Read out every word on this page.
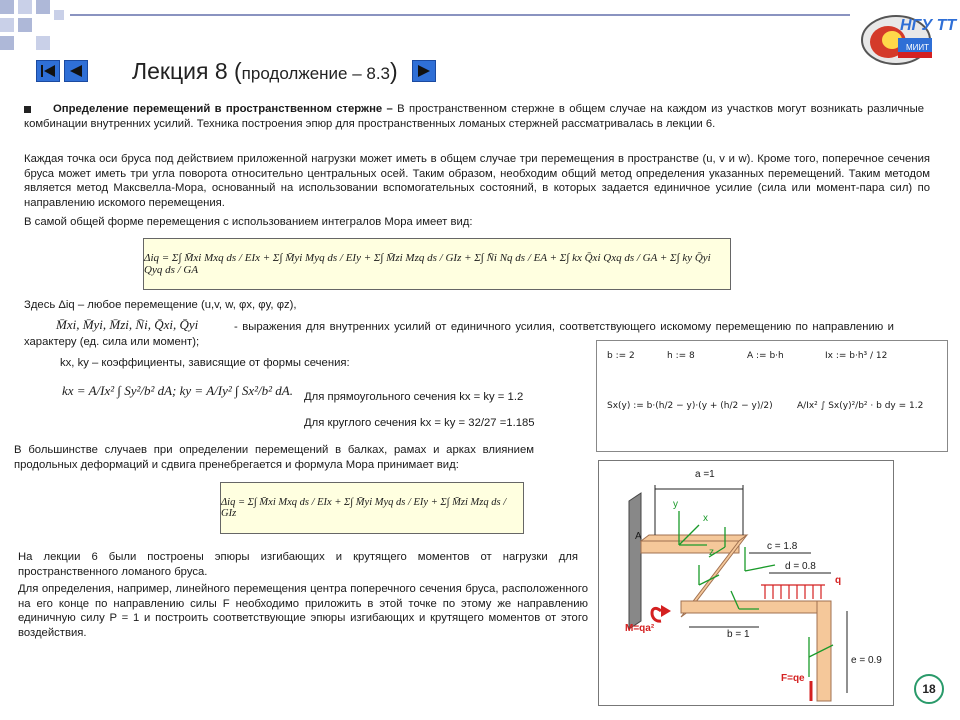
НГУ ТТ
МИИТ
Лекция 8 (продолжение – 8.3)
Определение перемещений в пространственном стержне – В пространственном стержне в общем случае на каждом из участков могут возникать различные комбинации внутренних усилий. Техника построения эпюр для пространственных ломаных стержней рассматривалась в лекции 6.
Каждая точка оси бруса под действием приложенной нагрузки может иметь в общем случае три перемещения в пространстве (u, v и w). Кроме того, поперечное сечения бруса может иметь три угла поворота относительно центральных осей. Таким образом, необходим общий метод определения указанных перемещений. Таким методом является метод Максвелла-Мора, основанный на использовании вспомогательных состояний, в которых задается единичное усилие (сила или момент-пара сил) по направлению искомого перемещения.
В самой общей форме перемещения с использованием интегралов Мора имеет вид:
Δiq = Σ∫ M̄xi Mxq ds / EIx + Σ∫ M̄yi Myq ds / EIy + Σ∫ M̄zi Mzq ds / GIz + Σ∫ N̄i Nq ds / EA + Σ∫ kx Q̄xi Qxq ds / GA + Σ∫ ky Q̄yi Qyq ds / GA
Здесь Δiq – любое перемещение (u,v, w, φx, φy, φz),
M̄xi, M̄yi, M̄zi, N̄i, Q̄xi, Q̄yi	- выражения для внутренних усилий от единичного усилия, соответствующего искомому перемещению по направлению и характеру (ед. сила или момент);
kx, ky – коэффициенты, зависящие от формы сечения:
kx = A/Ix² ∫ Sy²/b² dA; ky = A/Iy² ∫ Sx²/b² dA. Для прямоугольного сечения kx = ky = 1.2
Для круглого сечения kx = ky = 32/27 =1.185
b := 2	h := 8	A := b·h	Ix := b·h³ / 12
Sx(y) := b·(h/2 − y)·(y + (h/2 − y)/2)	A/Ix² ∫ Sx(y)²/b² · b dy = 1.2
В большинстве случаев при определении перемещений в балках, рамах и арках влиянием продольных деформаций и сдвига пренебрегается и формула Мора принимает вид:
Δiq = Σ∫ M̄xi Mxq ds / EIx + Σ∫ M̄yi Myq ds / EIy + Σ∫ M̄zi Mzq ds / GIz
На лекции 6 были построены эпюры изгибающих и крутящего моментов от нагрузки для пространственного ломаного бруса.
Для определения, например, линейного перемещения центра поперечного сечения бруса, расположенного на его конце по направлению силы F необходимо приложить в этой точке по этому же направлению единичную силу P = 1 и построить соответствующие эпюры изгибающих и крутящего моментов от этого воздействия.
a =1
A
c = 1.8
d = 0.8
q
M=qa²
b = 1
e = 0.9
F=qe
y
x
z
18
